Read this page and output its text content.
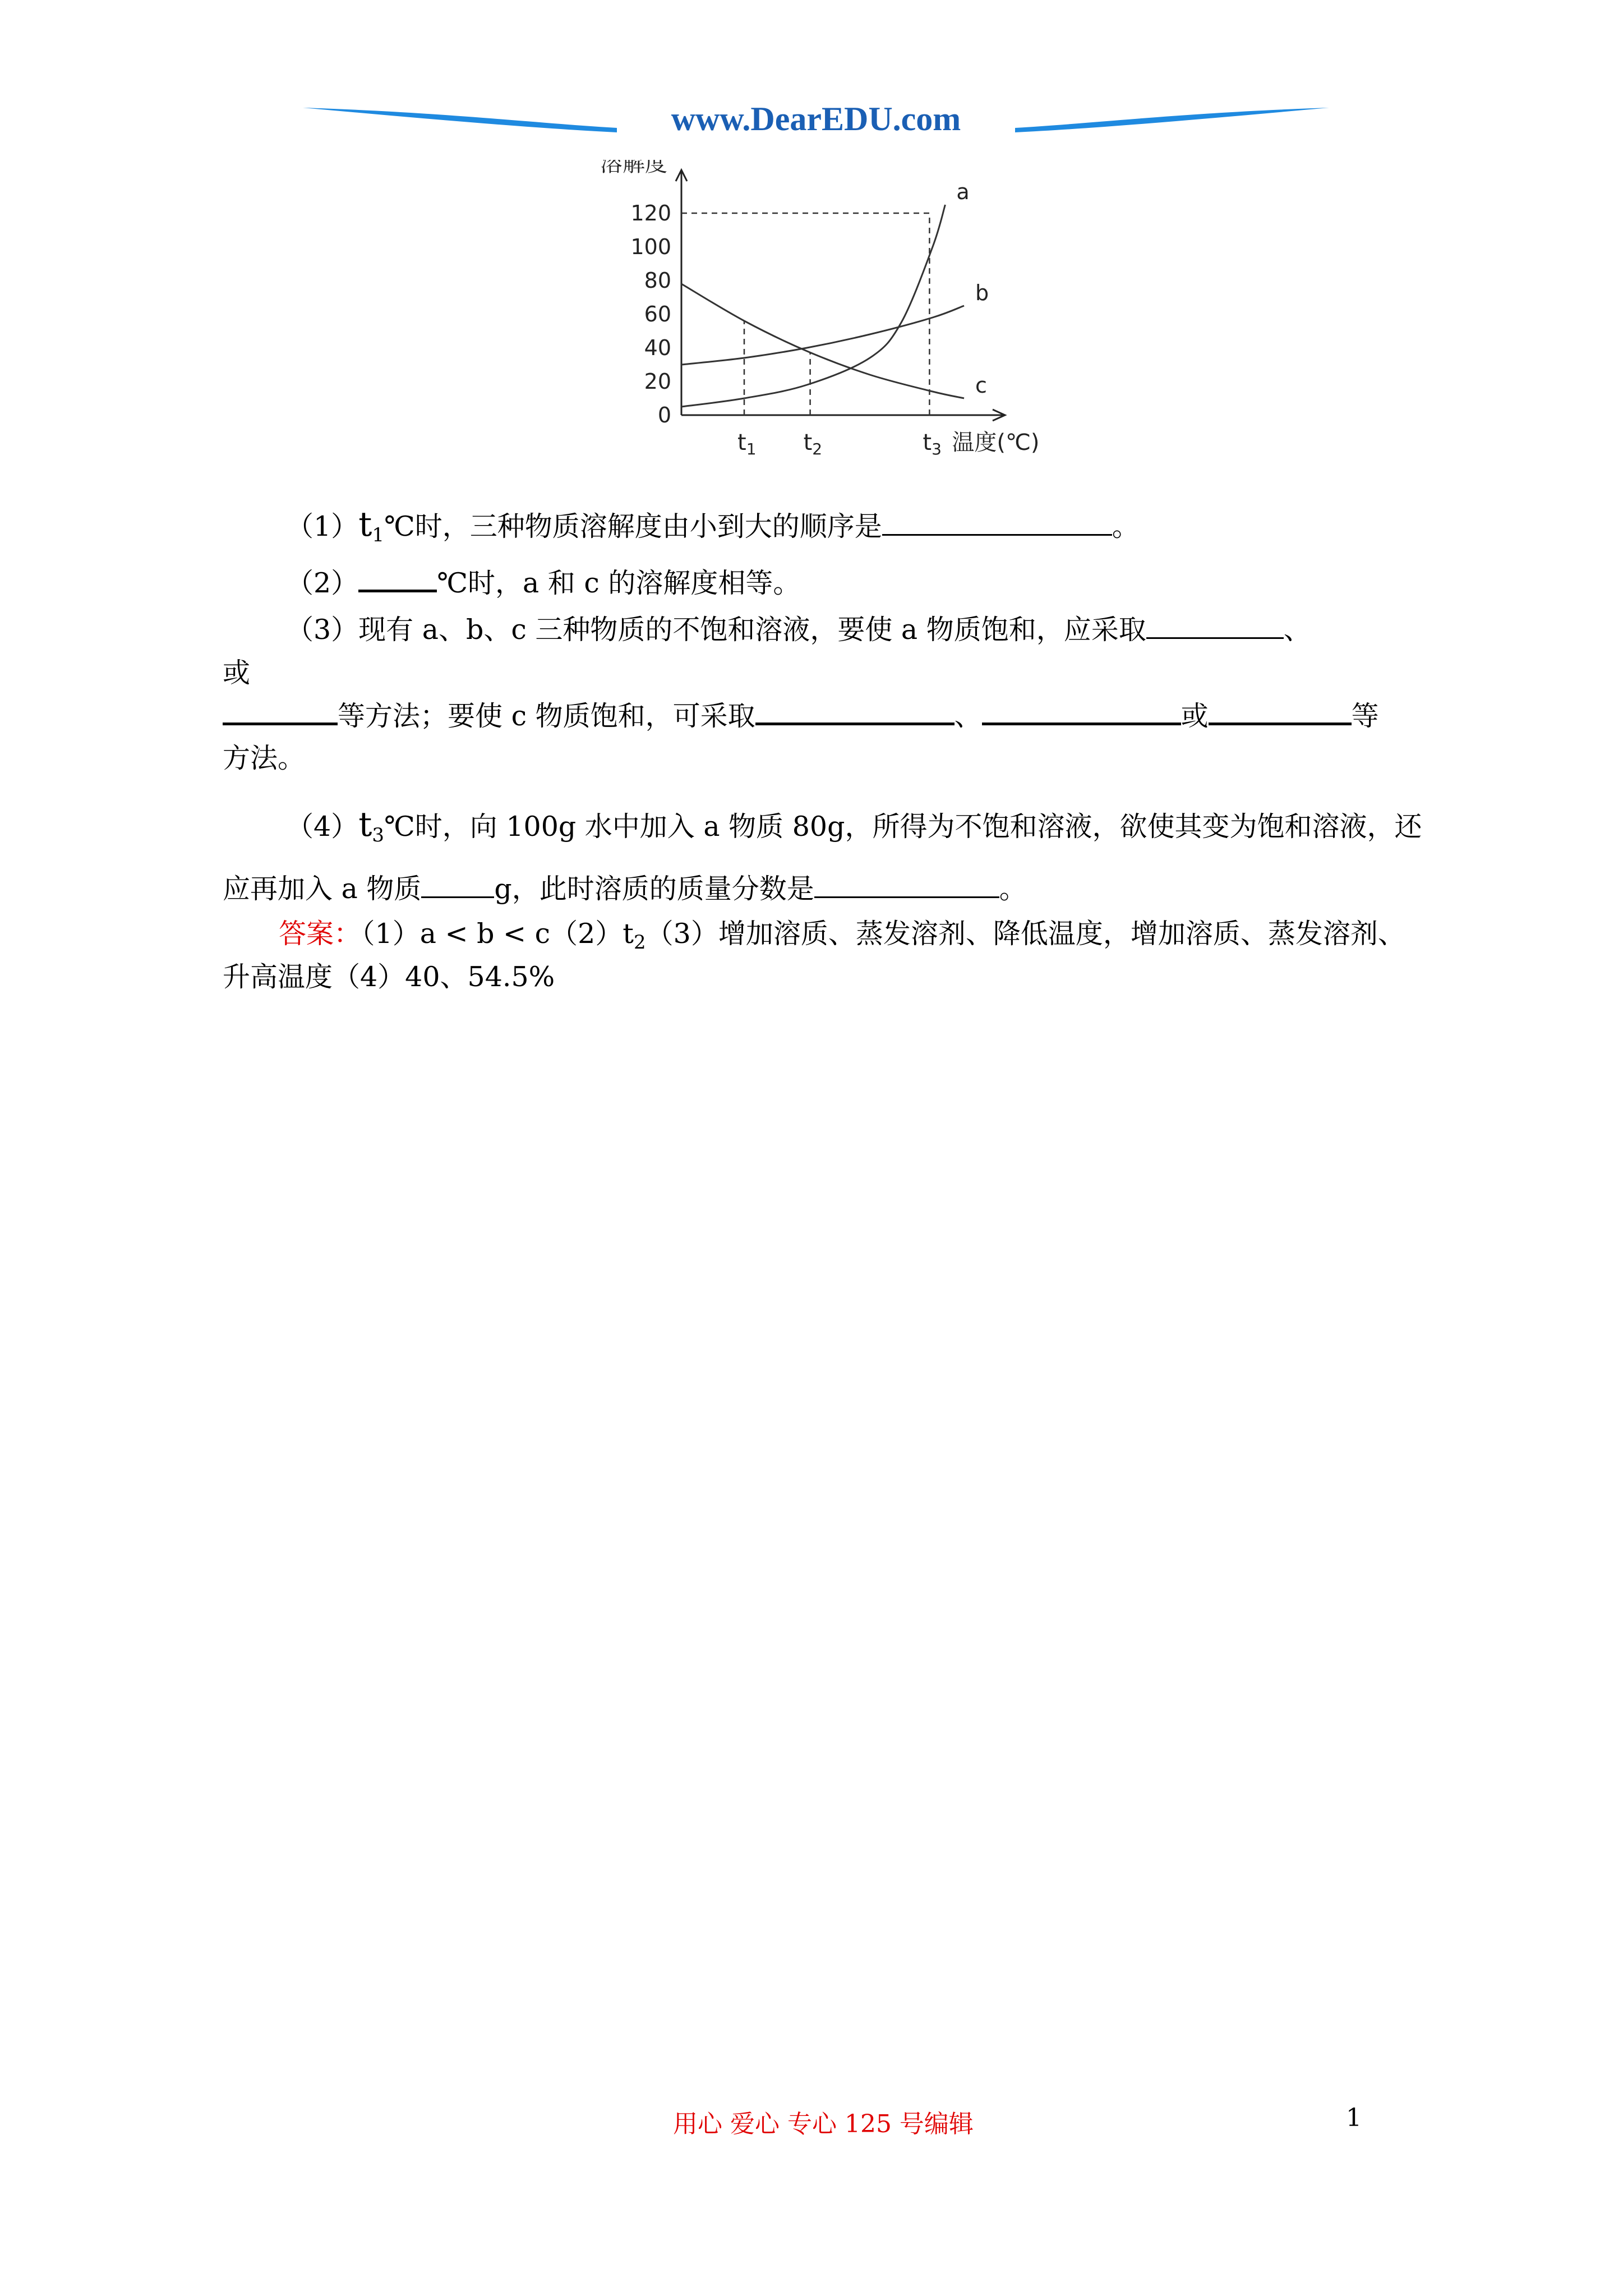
www.DearEDU.com
0
20
40
60
80
100
120
溶解度
a
b
c
$t_1$ $t_2$	$t_3$ 温度(℃)
$(1)t_1℃$时，三种物质溶解度由小到大的顺序是	。
（2）	℃时，a 和 c 的溶解度相等。
（3）现有 a、b、c 三种物质的不饱和溶液，要使 a 物质饱和，应采取	、
或
等方法；要使 c 物质饱和，可采取	、	或	等
方法。
$(4)t_3℃$时，向 100g 水中加入 a 物质 80g，所得为不饱和溶液，欲使其变为饱和溶液，还
应再加入 a 物质	g，此时溶质的质量分数是	。
答案：$(1)a < b < c(2)t_2(3)$增加溶质、蒸发溶剂、降低温度，增加溶质、蒸发溶剂、
升高温度（4）40、54.5%
用心 爱心 专心 125 号编辑	1
